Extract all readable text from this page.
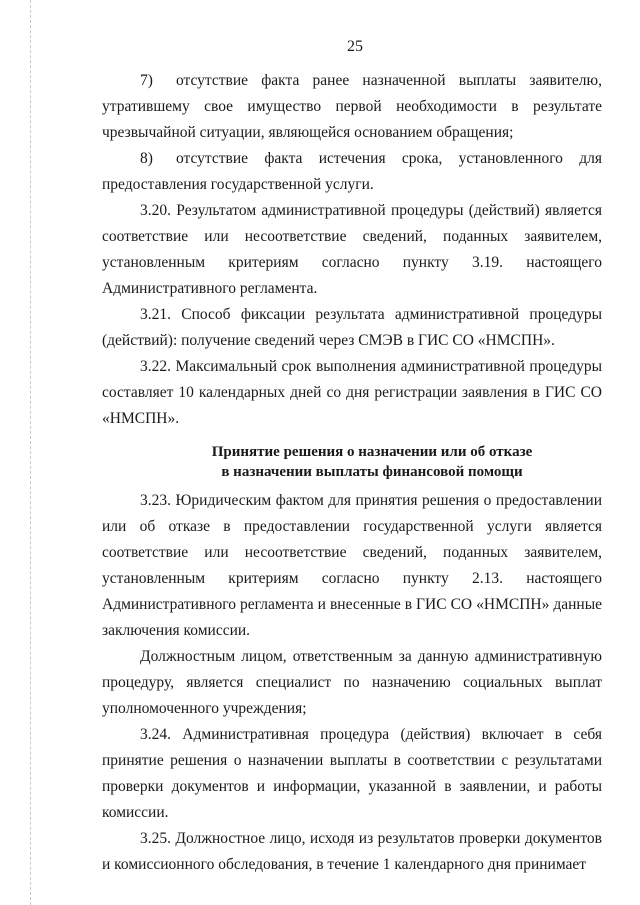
25

7) отсутствие факта ранее назначенной выплаты заявителю, утратившему свое имущество первой необходимости в результате чрезвычайной ситуации, являющейся основанием обращения;

8) отсутствие факта истечения срока, установленного для предоставления государственной услуги.

3.20. Результатом административной процедуры (действий) является соответствие или несоответствие сведений, поданных заявителем, установленным критериям согласно пункту 3.19. настоящего Административного регламента.

3.21. Способ фиксации результата административной процедуры (действий): получение сведений через СМЭВ в ГИС СО «НМСПН».

3.22. Максимальный срок выполнения административной процедуры составляет 10 календарных дней со дня регистрации заявления в ГИС СО «НМСПН».

Принятие решения о назначении или об отказе
в назначении выплаты финансовой помощи

3.23. Юридическим фактом для принятия решения о предоставлении или об отказе в предоставлении государственной услуги является соответствие или несоответствие сведений, поданных заявителем, установленным критериям согласно пункту 2.13. настоящего Административного регламента и внесенные в ГИС СО «НМСПН» данные заключения комиссии.

Должностным лицом, ответственным за данную административную процедуру, является специалист по назначению социальных выплат уполномоченного учреждения;

3.24. Административная процедура (действия) включает в себя принятие решения о назначении выплаты в соответствии с результатами проверки документов и информации, указанной в заявлении, и работы комиссии.

3.25. Должностное лицо, исходя из результатов проверки документов и комиссионного обследования, в течение 1 календарного дня принимает
